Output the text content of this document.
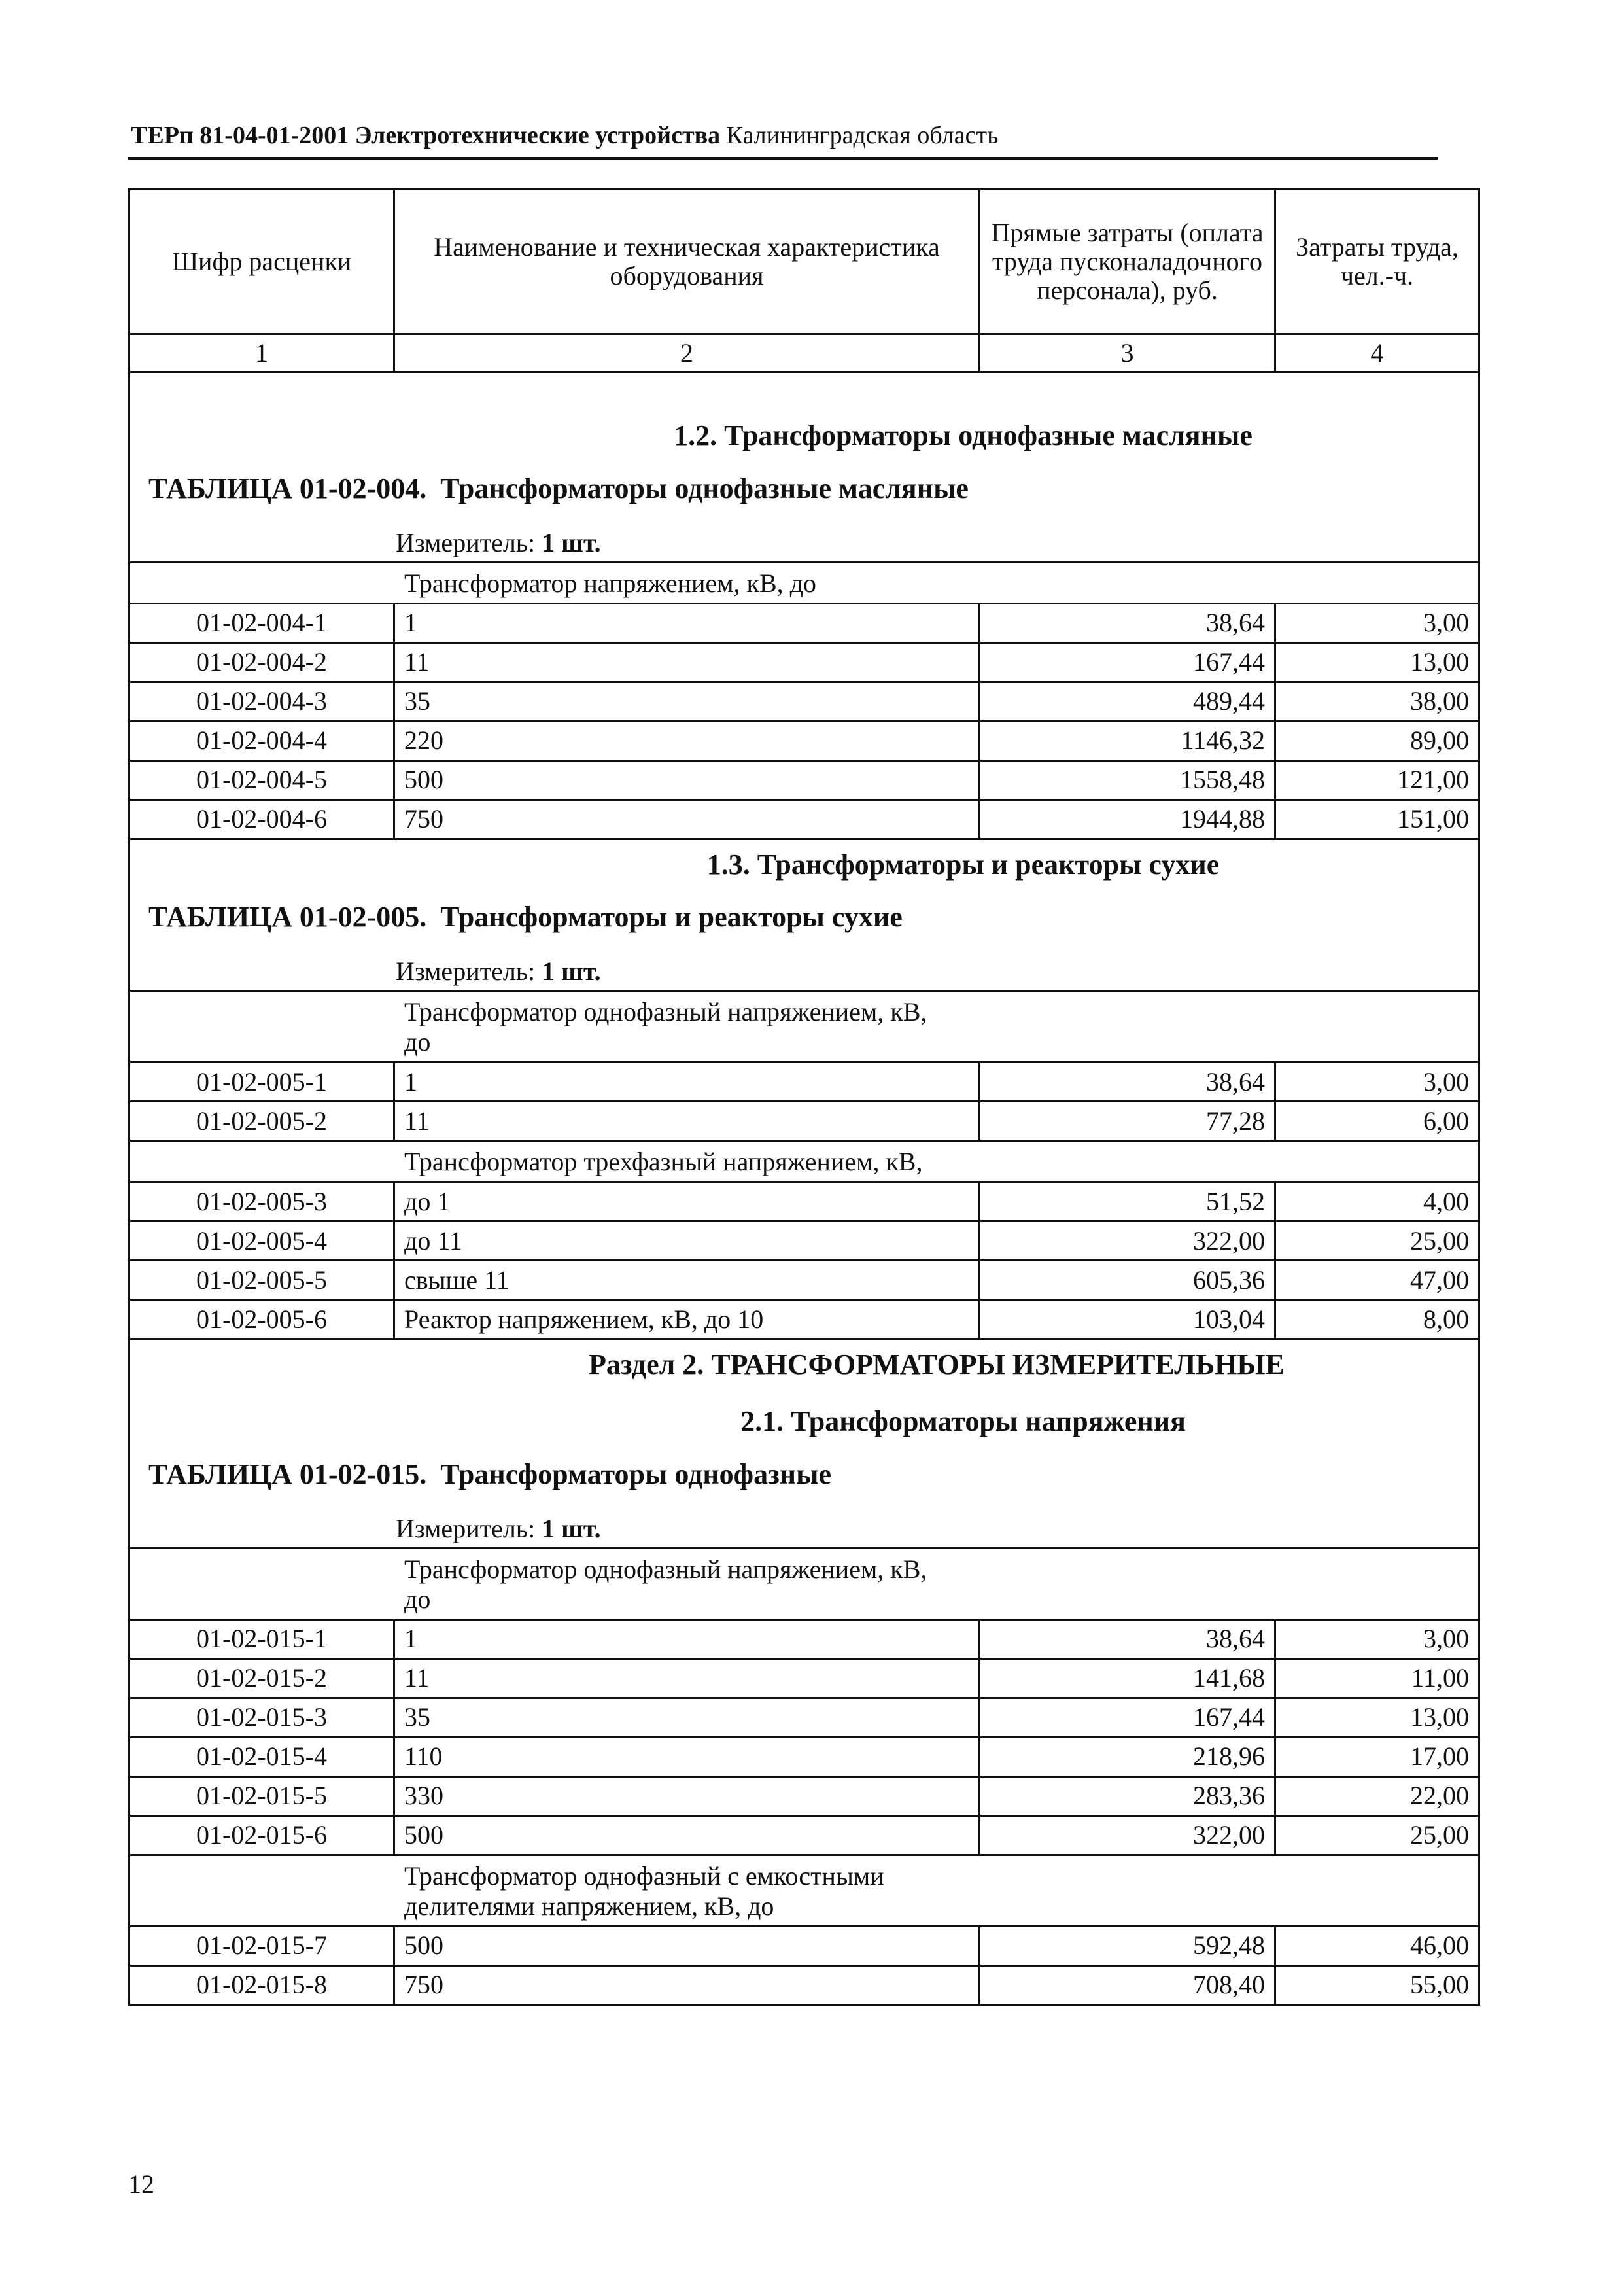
ТЕРп 81-04-01-2001 Электротехнические устройства Калининградская область
Шифр расценки	Наименование и техническая характеристика оборудования	Прямые затраты (оплата труда пусконаладочного персонала), руб.	Затраты труда, чел.-ч.
1	2	3	4

1.2. Трансформаторы однофазные масляные
ТАБЛИЦА 01-02-004. Трансформаторы однофазные масляные
Измеритель: 1 шт.			

Трансформатор напряжением, кВ, до			
01-02-004-1	1	38,64	3,00
01-02-004-2	11	167,44	13,00
01-02-004-3	35	489,44	38,00
01-02-004-4	220	1146,32	89,00
01-02-004-5	500	1558,48	121,00
01-02-004-6	750	1944,88	151,00

1.3. Трансформаторы и реакторы сухие
ТАБЛИЦА 01-02-005. Трансформаторы и реакторы сухие
Измеритель: 1 шт.			

Трансформатор однофазный напряжением, кВ, до			
01-02-005-1	1	38,64	3,00
01-02-005-2	11	77,28	6,00
Трансформатор трехфазный напряжением, кВ,			
01-02-005-3	до 1	51,52	4,00
01-02-005-4	до 11	322,00	25,00
01-02-005-5	свыше 11	605,36	47,00
01-02-005-6	Реактор напряжением, кВ, до 10	103,04	8,00

Раздел 2. ТРАНСФОРМАТОРЫ ИЗМЕРИТЕЛЬНЫЕ
2.1. Трансформаторы напряжения
ТАБЛИЦА 01-02-015. Трансформаторы однофазные
Измеритель: 1 шт.			

Трансформатор однофазный напряжением, кВ, до			
01-02-015-1	1	38,64	3,00
01-02-015-2	11	141,68	11,00
01-02-015-3	35	167,44	13,00
01-02-015-4	110	218,96	17,00
01-02-015-5	330	283,36	22,00
01-02-015-6	500	322,00	25,00
Трансформатор однофазный с емкостными делителями напряжением, кВ, до			
01-02-015-7	500	592,48	46,00
01-02-015-8	750	708,40	55,00
12
